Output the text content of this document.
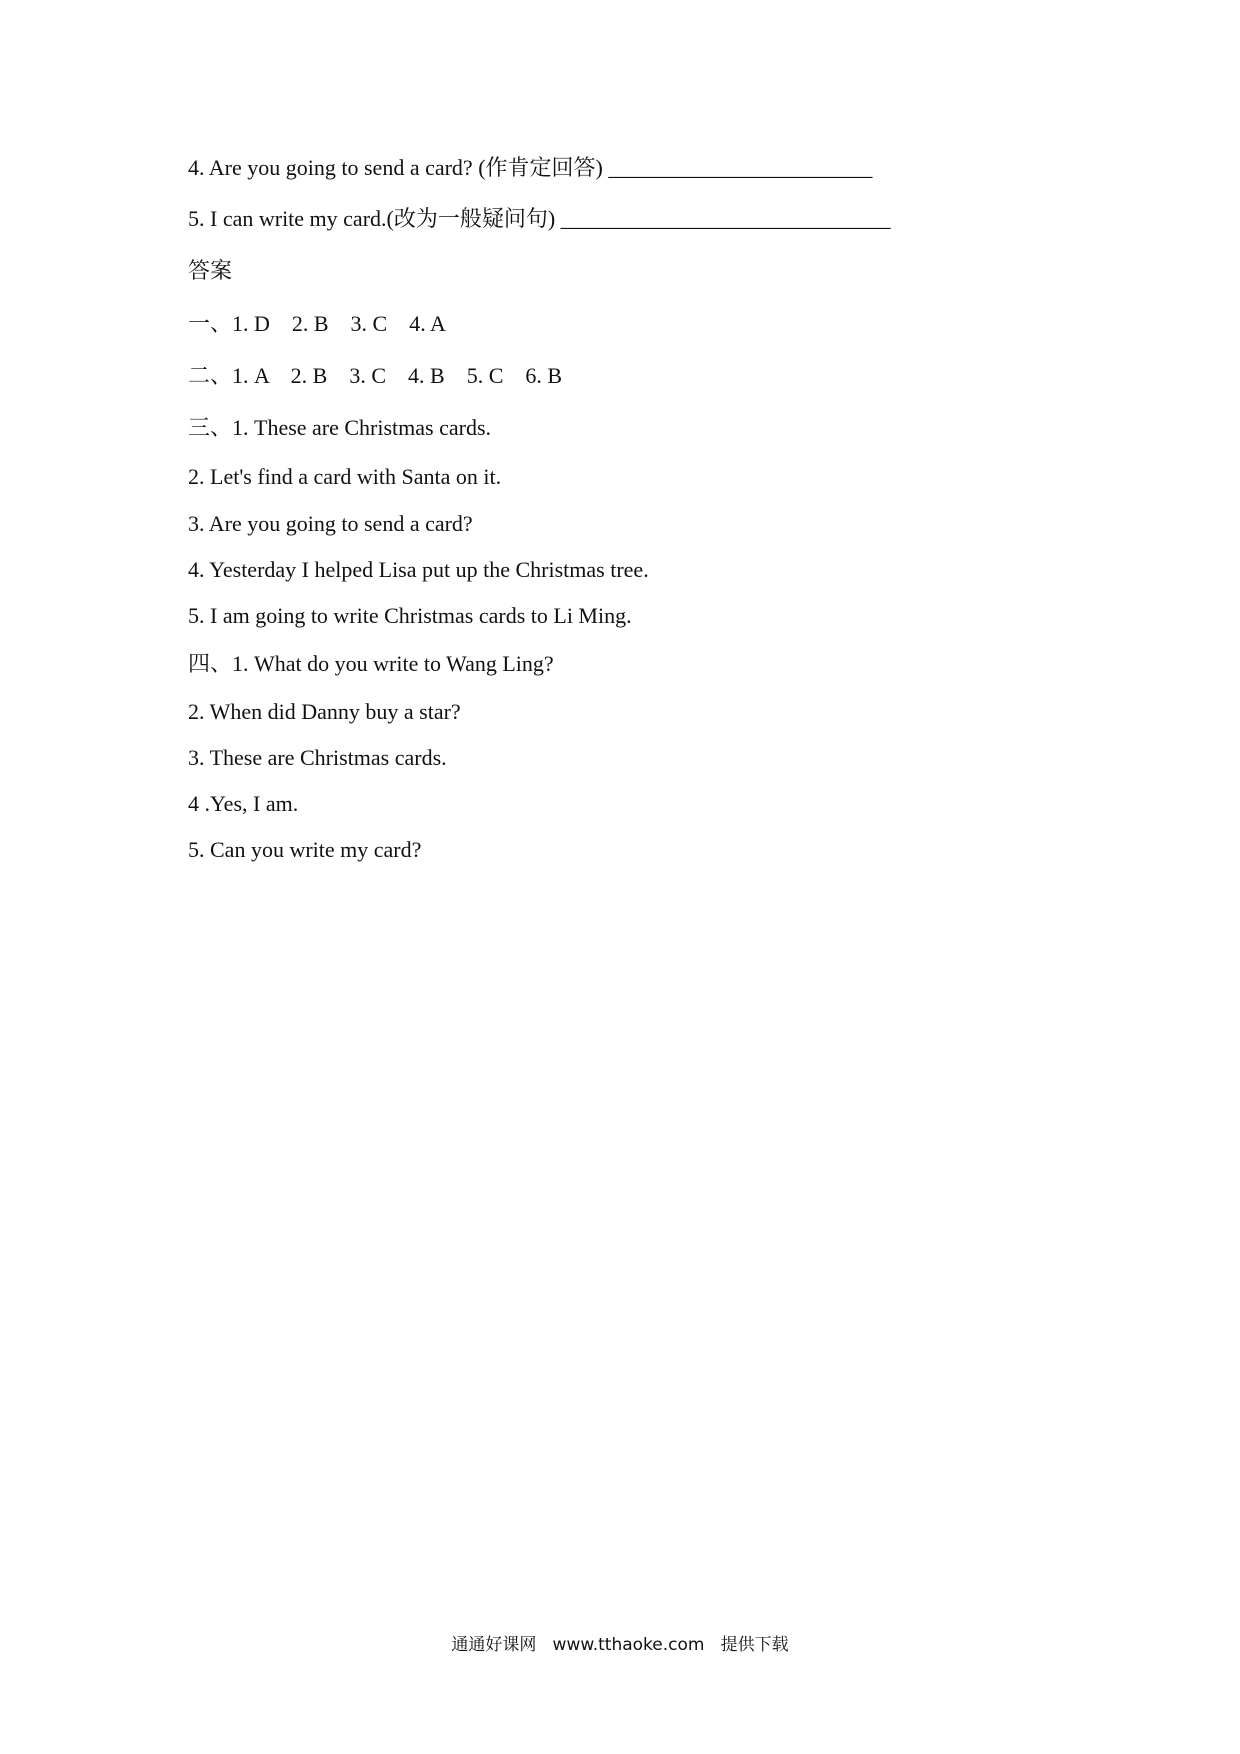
4. Are you going to send a card? (作肯定回答) ________________________
5. I can write my card.(改为一般疑问句) ______________________________
答案
一、1. D    2. B    3. C    4. A
二、1. A    2. B    3. C    4. B    5. C    6. B
三、1. These are Christmas cards.
2. Let's find a card with Santa on it.
3. Are you going to send a card?
4. Yesterday I helped Lisa put up the Christmas tree.
5. I am going to write Christmas cards to Li Ming.
四、1. What do you write to Wang Ling?
2. When did Danny buy a star?
3. These are Christmas cards.
4 .Yes, I am.
5. Can you write my card?
通通好课网   www.tthaoke.com   提供下载
